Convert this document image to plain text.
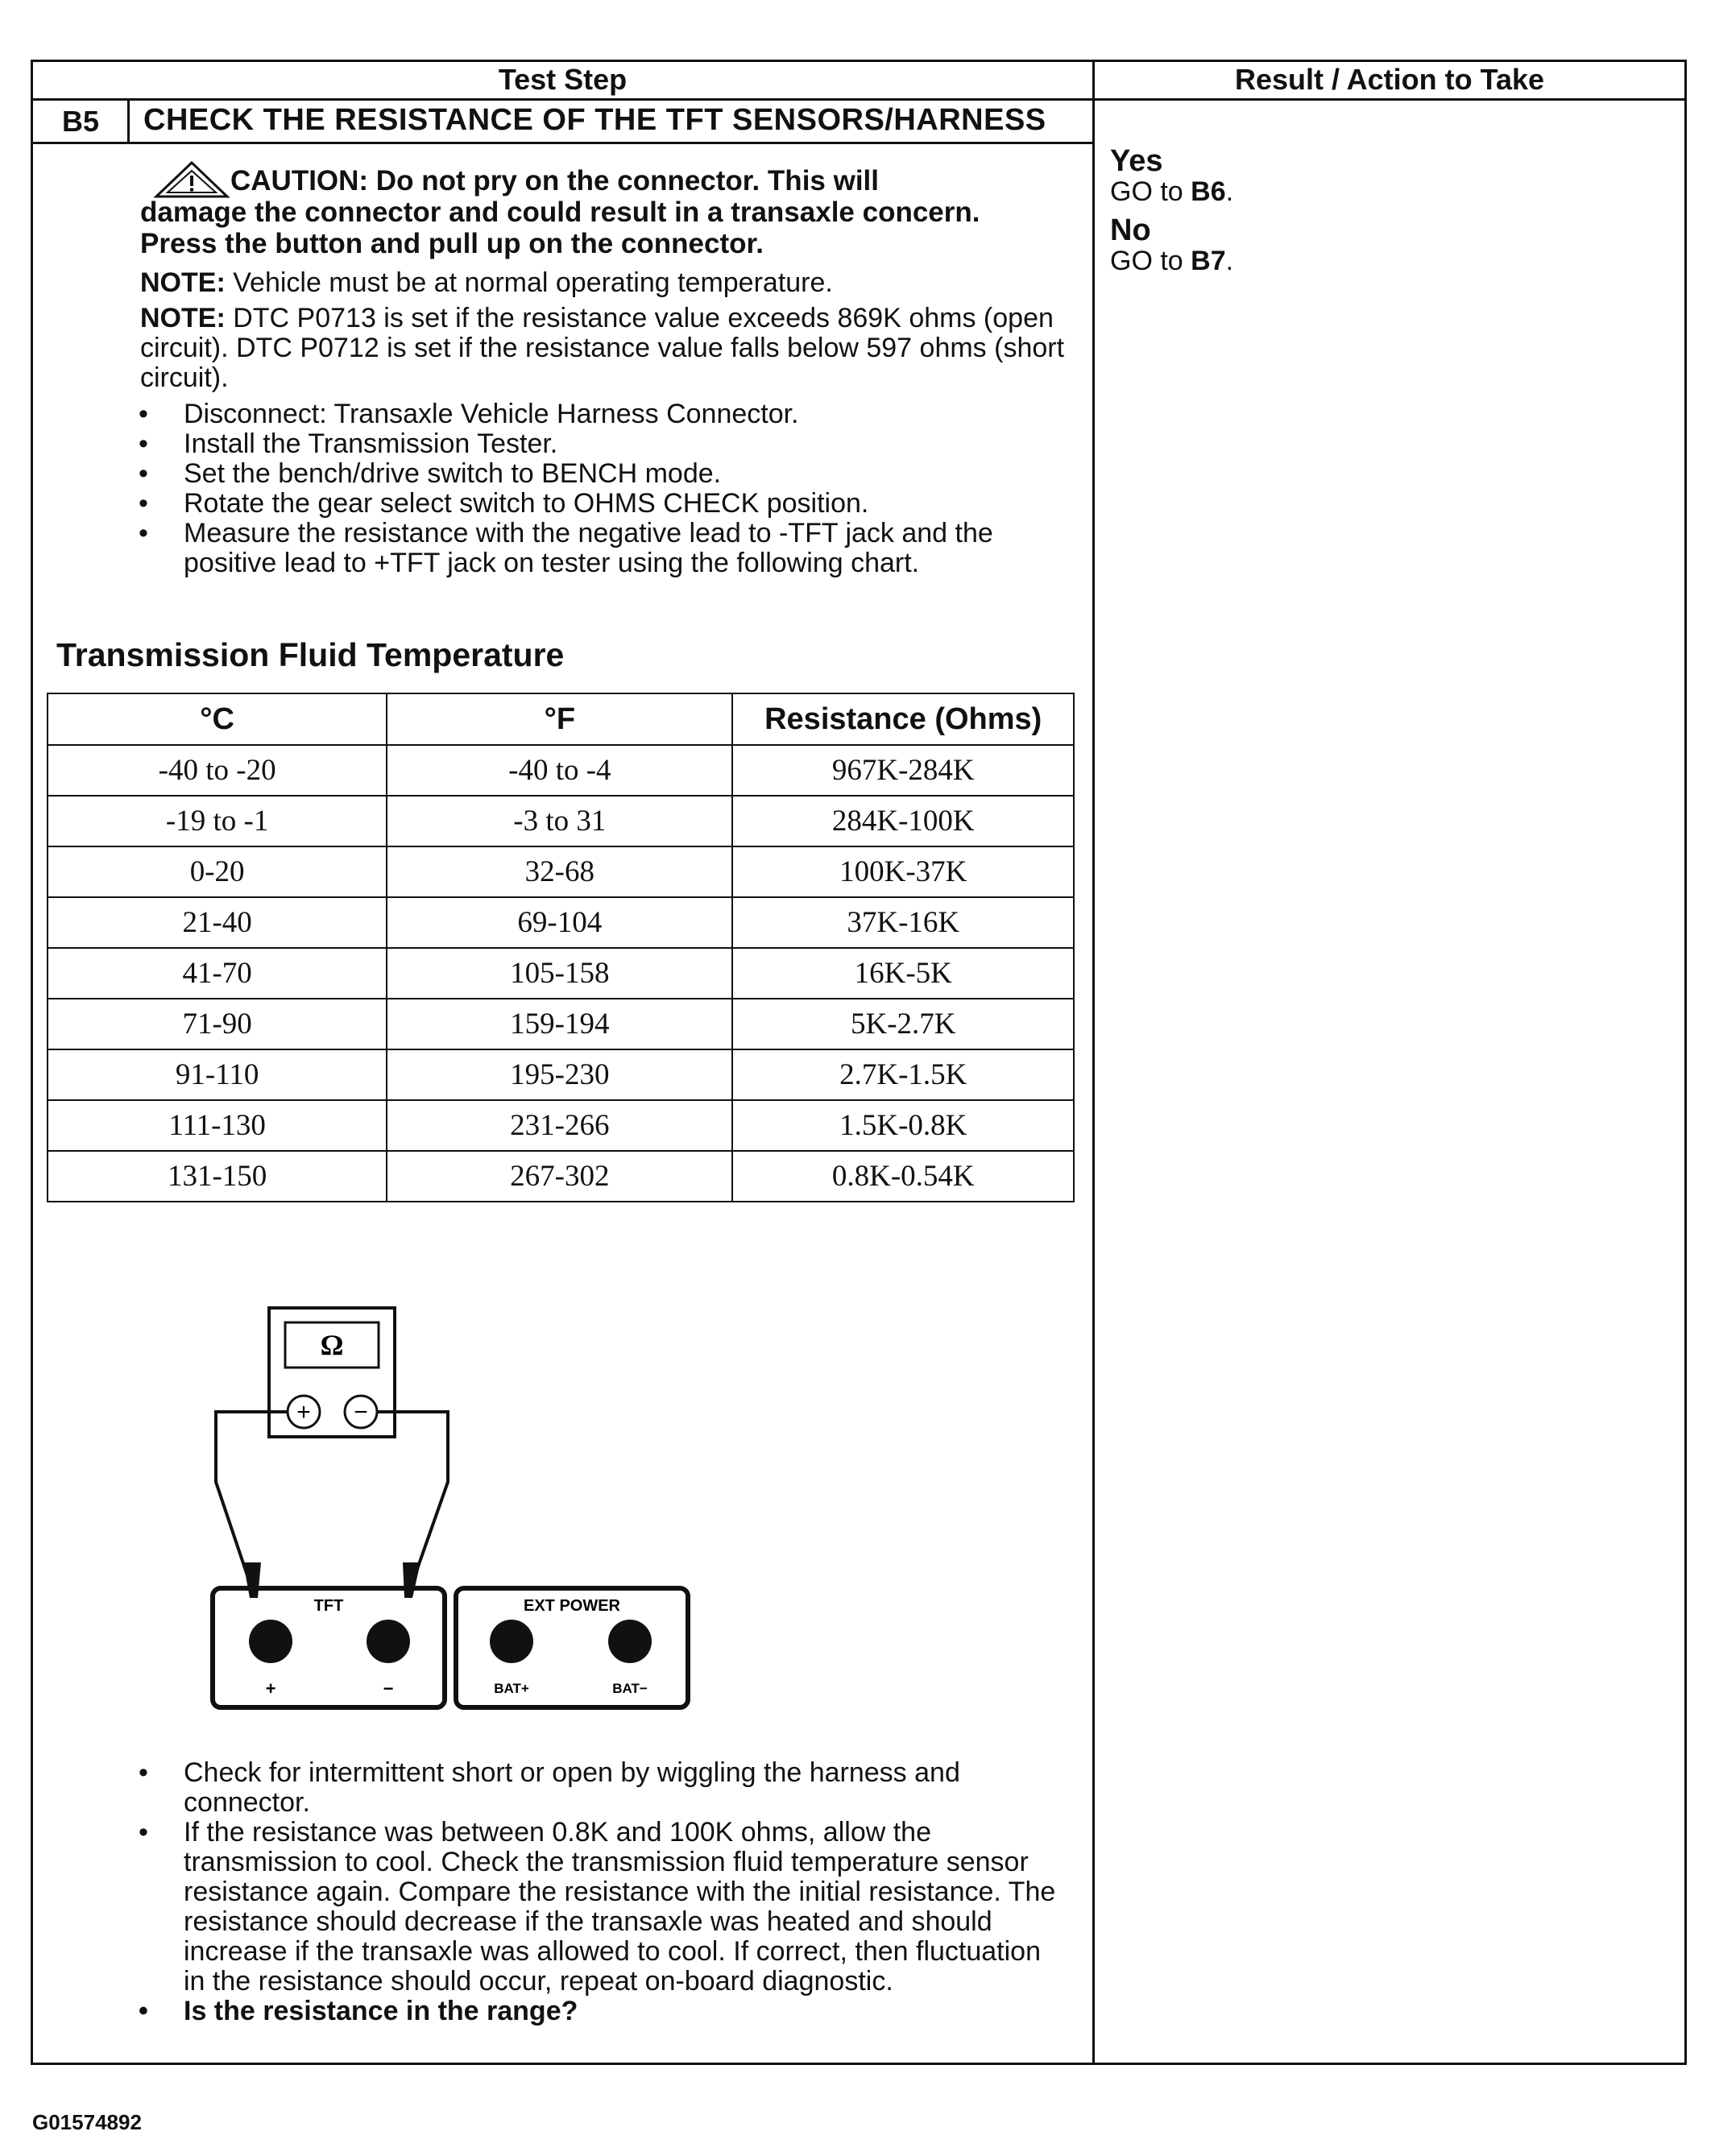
Test Step	Result / Action to Take
B5	CHECK THE RESISTANCE OF THE TFT SENSORS/HARNESS
CAUTION: Do not pry on the connector. This will
damage the connector and could result in a transaxle concern.
Press the button and pull up on the connector.

NOTE: Vehicle must be at normal operating temperature.

NOTE: DTC P0713 is set if the resistance value exceeds 869K ohms (open circuit). DTC P0712 is set if the resistance value falls below 597 ohms (short circuit).

• Disconnect: Transaxle Vehicle Harness Connector.
• Install the Transmission Tester.
• Set the bench/drive switch to BENCH mode.
• Rotate the gear select switch to OHMS CHECK position.
• Measure the resistance with the negative lead to -TFT jack and the positive lead to +TFT jack on tester using the following chart.
Transmission Fluid Temperature
°C	°F	Resistance (Ohms)
-40 to -20	-40 to -4	967K-284K
-19 to -1	-3 to 31	284K-100K
0-20	32-68	100K-37K
21-40	69-104	37K-16K
41-70	105-158	16K-5K
71-90	159-194	5K-2.7K
91-110	195-230	2.7K-1.5K
111-130	231-266	1.5K-0.8K
131-150	267-302	0.8K-0.54K
Ω
+ −
TFT
+	−
EXT POWER
BAT+	BAT−
• Check for intermittent short or open by wiggling the harness and connector.
• If the resistance was between 0.8K and 100K ohms, allow the transmission to cool. Check the transmission fluid temperature sensor resistance again. Compare the resistance with the initial resistance. The resistance should decrease if the transaxle was heated and should increase if the transaxle was allowed to cool. If correct, then fluctuation in the resistance should occur, repeat on-board diagnostic.
• Is the resistance in the range?
Yes
GO to B6.
No
GO to B7.
G01574892
